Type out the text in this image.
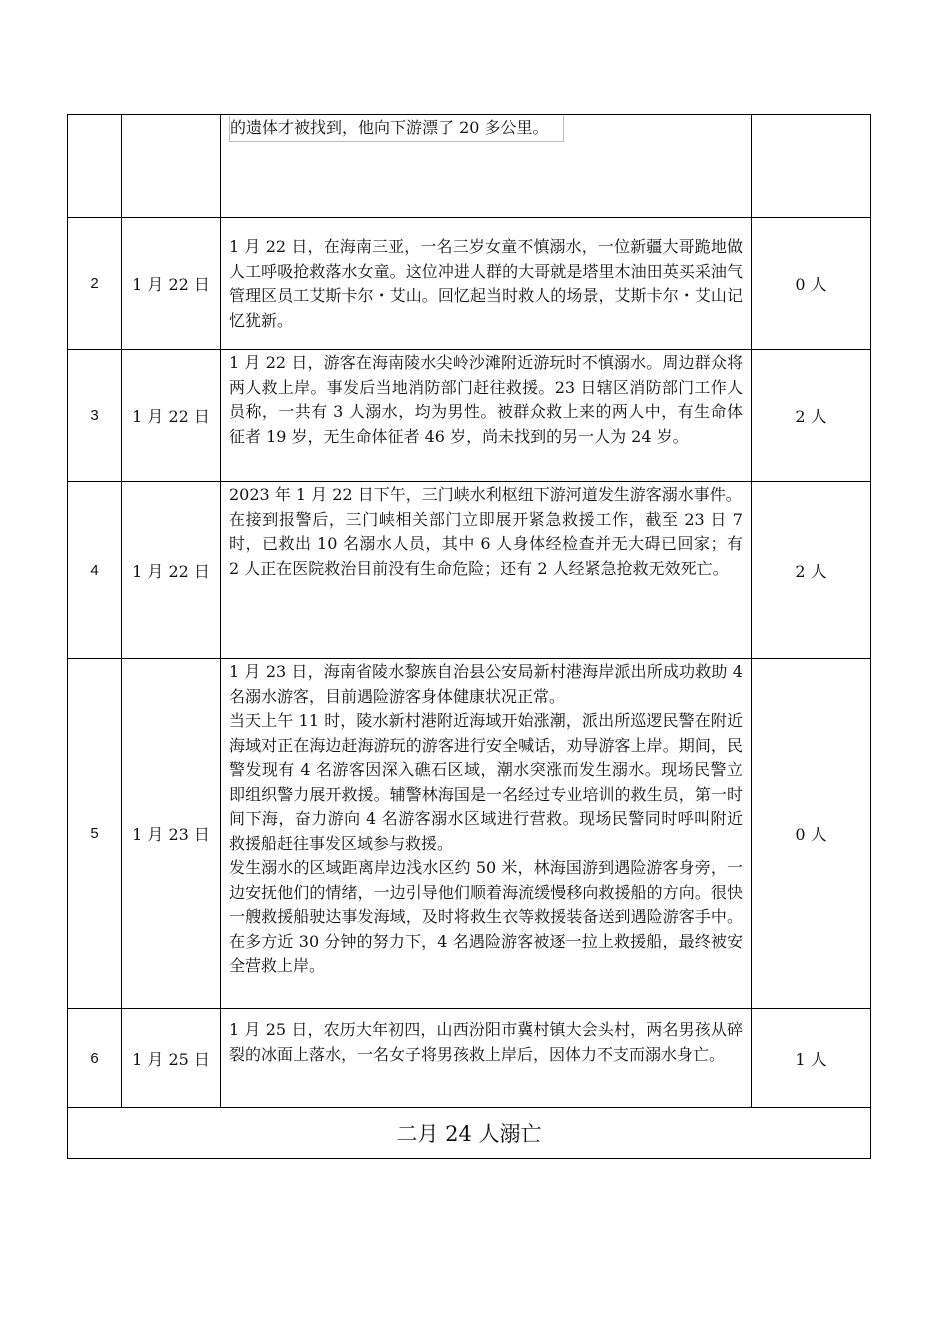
		的遗体才被找到，他向下游漂了 20 多公里。	

2	1 月 22 日	1 月 22 日，在海南三亚，一名三岁女童不慎溺水，一位新疆大哥跪地做人工呼吸抢救落水女童。这位冲进人群的大哥就是塔里木油田英买采油气管理区员工艾斯卡尔・艾山。回忆起当时救人的场景，艾斯卡尔・艾山记忆犹新。	0 人
3	1 月 22 日	1 月 22 日，游客在海南陵水尖岭沙滩附近游玩时不慎溺水。周边群众将两人救上岸。事发后当地消防部门赶往救援。23 日辖区消防部门工作人员称，一共有 3 人溺水，均为男性。被群众救上来的两人中，有生命体征者 19 岁，无生命体征者 46 岁，尚未找到的另一人为 24 岁。	2 人
4	1 月 22 日	2023 年 1 月 22 日下午，三门峡水利枢纽下游河道发生游客溺水事件。

在接到报警后，三门峡相关部门立即展开紧急救援工作，截至 23 日 7 时，已救出 10 名溺水人员，其中 6 人身体经检查并无大碍已回家；有 2 人正在医院救治目前没有生命危险；还有 2 人经紧急抢救无效死亡。	2 人
5	1 月 23 日	1 月 23 日，海南省陵水黎族自治县公安局新村港海岸派出所成功救助 4 名溺水游客，目前遇险游客身体健康状况正常。

当天上午 11 时，陵水新村港附近海域开始涨潮，派出所巡逻民警在附近海域对正在海边赶海游玩的游客进行安全喊话，劝导游客上岸。期间，民警发现有 4 名游客因深入礁石区域，潮水突涨而发生溺水。现场民警立即组织警力展开救援。辅警林海国是一名经过专业培训的救生员，第一时间下海，奋力游向 4 名游客溺水区域进行营救。现场民警同时呼叫附近救援船赶往事发区域参与救援。

发生溺水的区域距离岸边浅水区约 50 米，林海国游到遇险游客身旁，一边安抚他们的情绪，一边引导他们顺着海流缓慢移向救援船的方向。很快一艘救援船驶达事发海域，及时将救生衣等救援装备送到遇险游客手中。在多方近 30 分钟的努力下，4 名遇险游客被逐一拉上救援船，最终被安全营救上岸。	0 人
6	1 月 25 日	1 月 25 日，农历大年初四，山西汾阳市冀村镇大会头村，两名男孩从碎裂的冰面上落水，一名女子将男孩救上岸后，因体力不支而溺水身亡。	1 人
二月 24 人溺亡			
